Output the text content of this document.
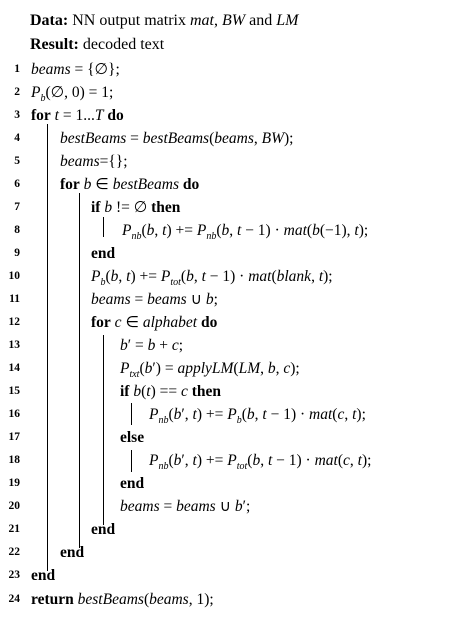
Data: NN output matrix mat, BW and LM
Result: decoded text
1 beams = {∅};
2 $P_b(\emptyset$, 0) = 1;
3 for t = 1...T do
4	bestBeams = bestBeams(beams, BW);
5	beams={};
6	for b ∈ bestBeams do
7	if b != ∅ then
8	$P_{nb}(b$, $t) += P_{nb}(b$, t − 1) · mat(b(−1), t);
9	end
10	$P_b(b$, $t) += P_{tot}(b$, t − 1) · mat(blank, t);
11	beams = beams ∪ b;
12	for c ∈ alphabet do
13	b′ = b + c;
14	$P_{txt}(b')$ = applyLM(LM, b, c);
15	if b(t) == c then
16	$P_{nb}(b'$, $t) += P_b(b$, t − 1) · mat(c, t);
17	else
18	$P_{nb}(b'$, $t) += P_{tot}(b$, t − 1) · mat(c, t);
19	end
20	beams = beams ∪ b′;
21	end
22	end
23 end
24 return bestBeams(beams, 1);
